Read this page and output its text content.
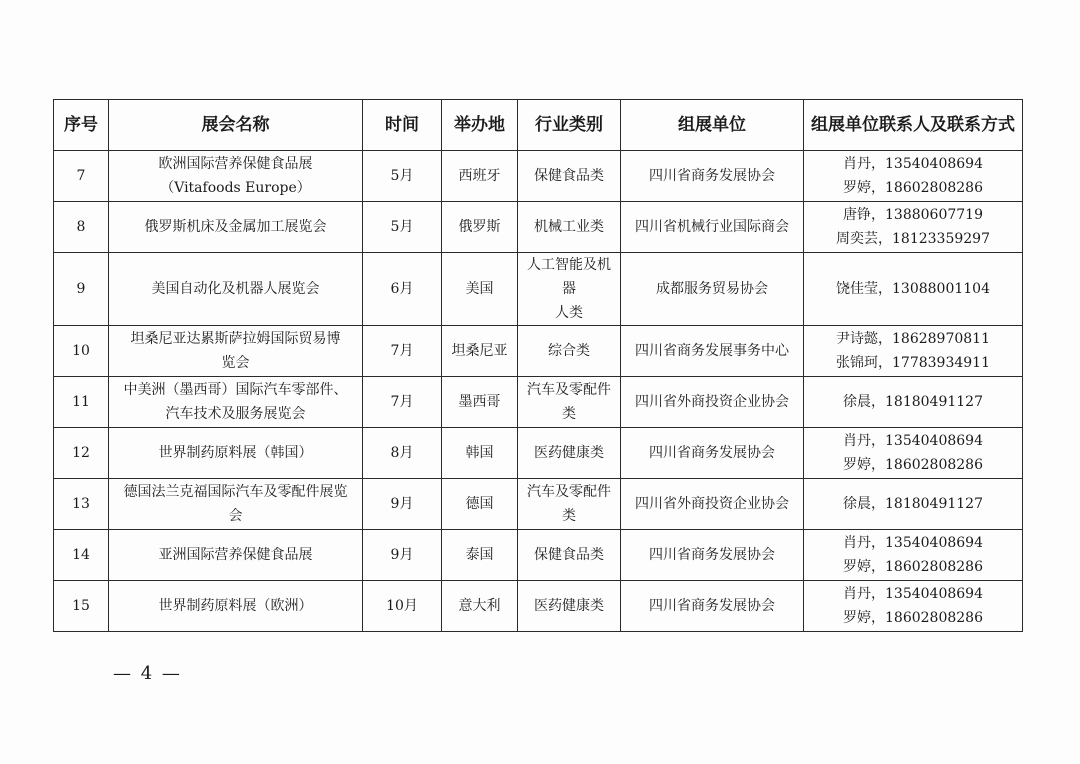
序号	展会名称	时间	举办地	行业类别	组展单位	组展单位联系人及联系方式
7	欧洲国际营养保健食品展
（Vitafoods Europe）	5月	西班牙	保健食品类	四川省商务发展协会	肖丹，13540408694
罗婷，18602808286

8	俄罗斯机床及金属加工展览会	5月	俄罗斯	机械工业类	四川省机械行业国际商会	唐铮，13880607719
周奕芸，18123359297

9	美国自动化及机器人展览会	6月	美国	人工智能及机器
人类	成都服务贸易协会	饶佳莹，13088001104

10	坦桑尼亚达累斯萨拉姆国际贸易博
览会	7月	坦桑尼亚	综合类	四川省商务发展事务中心	尹诗懿，18628970811
张锦珂，17783934911

11	中美洲（墨西哥）国际汽车零部件、
汽车技术及服务展览会	7月	墨西哥	汽车及零配件类	四川省外商投资企业协会	徐晨，18180491127

12	世界制药原料展（韩国）	8月	韩国	医药健康类	四川省商务发展协会	肖丹，13540408694
罗婷，18602808286

13	德国法兰克福国际汽车及零配件展览
会	9月	德国	汽车及零配件类	四川省外商投资企业协会	徐晨，18180491127

14	亚洲国际营养保健食品展	9月	泰国	保健食品类	四川省商务发展协会	肖丹，13540408694
罗婷，18602808286

15	世界制药原料展（欧洲）	10月	意大利	医药健康类	四川省商务发展协会	肖丹，13540408694
罗婷，18602808286
— 4 —
